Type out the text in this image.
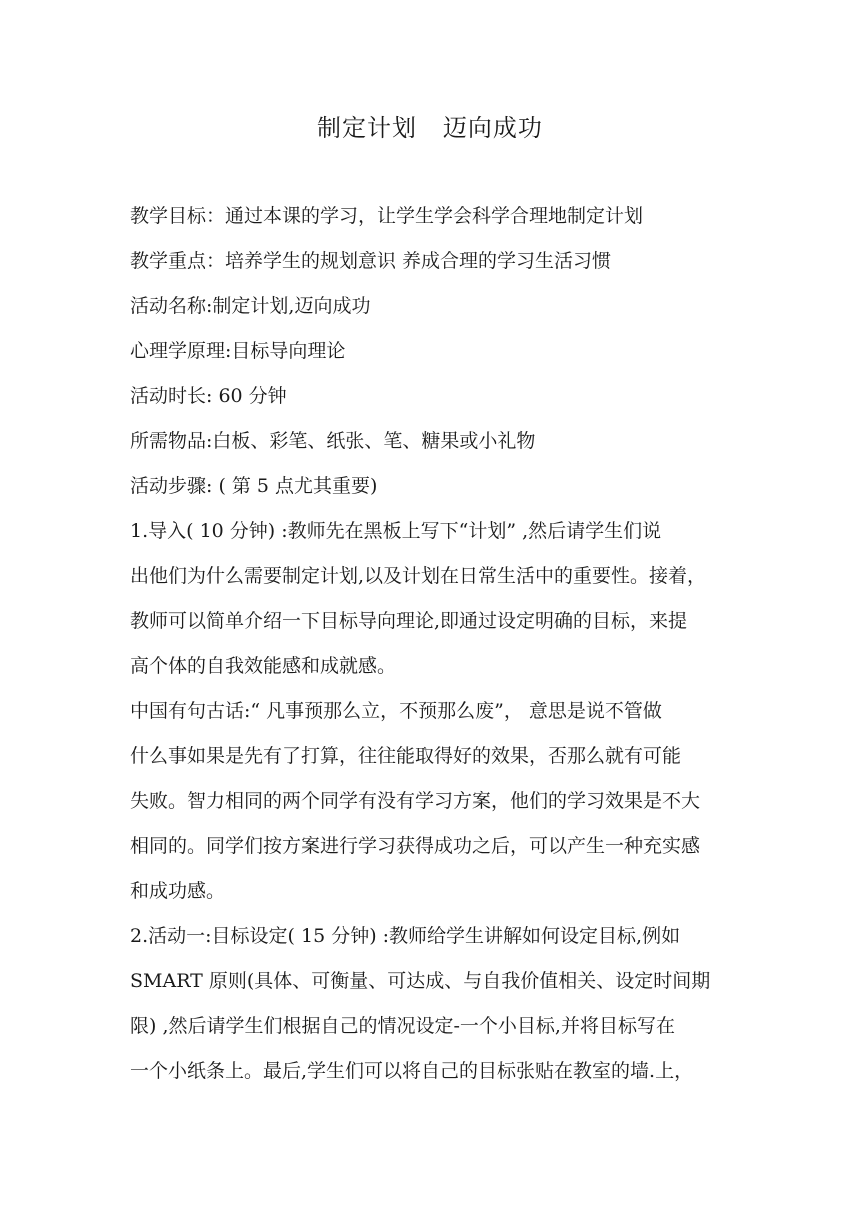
制定计划   迈向成功
教学目标：通过本课的学习，让学生学会科学合理地制定计划
教学重点：培养学生的规划意识 养成合理的学习生活习惯
活动名称:制定计划,迈向成功
心理学原理:目标导向理论
活动时长: 60 分钟
所需物品:白板、彩笔、纸张、笔、糖果或小礼物
活动步骤: ( 第 5 点尤其重要)
1.导入( 10 分钟) :教师先在黑板上写下“计划” ,然后请学生们说
出他们为什么需要制定计划,以及计划在日常生活中的重要性。接着，
教师可以简单介绍一下目标导向理论,即通过设定明确的目标，来提
高个体的自我效能感和成就感。
中国有句古话:“ 凡事预那么立，不预那么废”， 意思是说不管做
什么事如果是先有了打算，往往能取得好的效果，否那么就有可能
失败。智力相同的两个同学有没有学习方案，他们的学习效果是不大
相同的。同学们按方案进行学习获得成功之后，可以产生一种充实感
和成功感。
2.活动一:目标设定( 15 分钟) :教师给学生讲解如何设定目标,例如
SMART 原则(具体、可衡量、可达成、与自我价值相关、设定时间期
限) ,然后请学生们根据自己的情况设定-一个小目标,并将目标写在
一个小纸条上。最后,学生们可以将自己的目标张贴在教室的墙.上，
